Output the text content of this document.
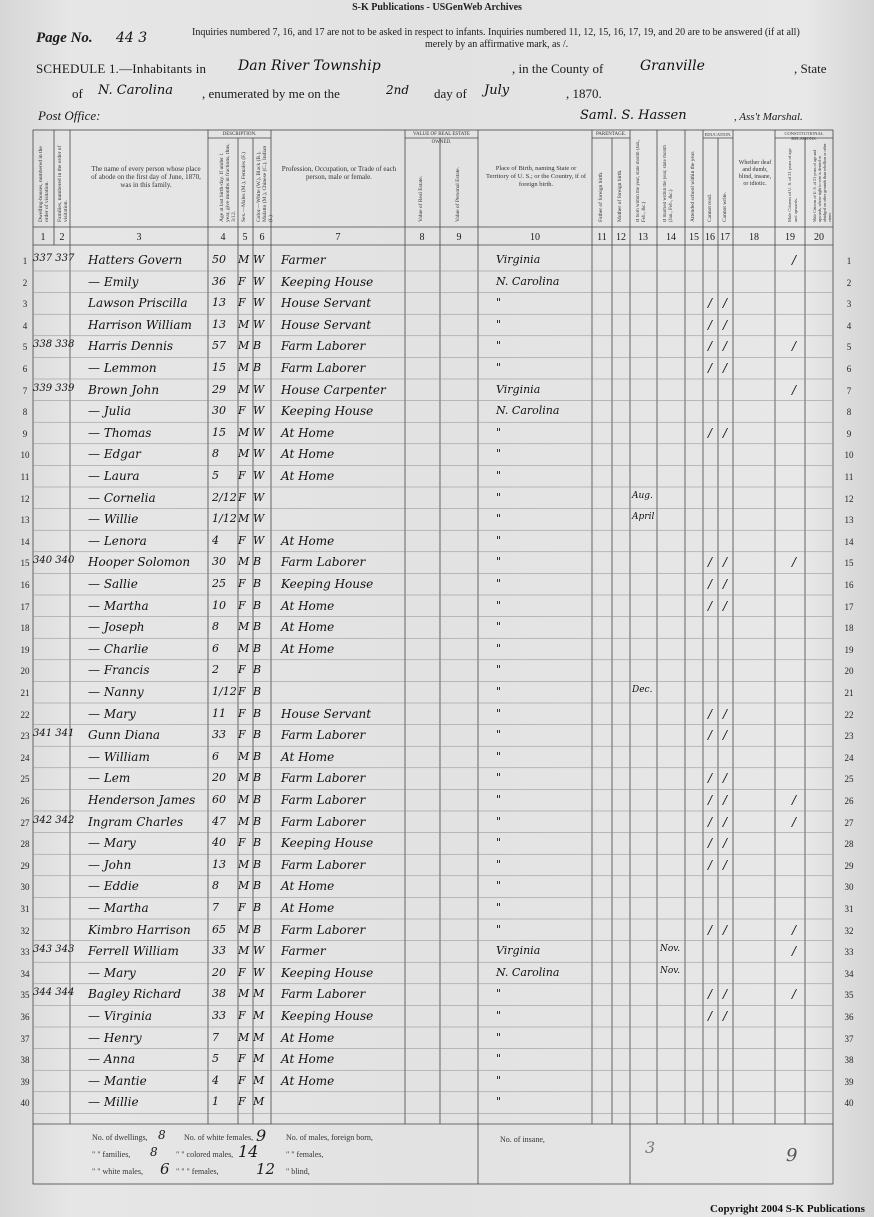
S-K Publications - USGenWeb Archives
Page No. 44 3	Inquiries numbered 7, 16, and 17 are not to be asked in respect to infants. Inquiries numbered 11, 12, 15, 16, 17, 19, and 20 are to be answered (if at all)
merely by an affirmative mark, as /.
SCHEDULE 1.—Inhabitants in Dan River Township	, in the County of	Granville	, State
of N. Carolina , enumerated by me on the	2nd day of July	, 1870.
Post Office:	Saml. S. Hassen	, Ass't Marshal.
Dwelling-houses, numbered in the order of visitation. Families, numbered in the order of visitation.
The name of every person whose place of abode on the first day of June, 1870, was in this family.
DESCRIPTION.
Age at last birth-day. If under 1 year, give months in fractions, thus, 3/12. Sex.—Males (M.), Females (F.) Color.—White (W.), Black (B.), Mulatto (M.), Chinese (C.), Indian (I.)
Profession, Occupation, or Trade of each person, male or female.
VALUE OF REAL ESTATE OWNED.
Value of Real Estate.	Value of Personal Estate.	Place of Birth, naming State or Territory of U. S.; or the Country, if of foreign birth.
PARENTAGE.
Father of foreign birth. Mother of foreign birth.	If born within the year, state month (Jan., Feb., &c.)	If married within the year, state month (Jan., Feb., &c.)	Attended school within the year.
EDUCATION.
Cannot read. Cannot write.
Whether deaf and dumb, blind, insane, or idiotic.
CONSTITUTIONAL RELATIONS.
Male Citizens of U. S. of 21 years of age and upwards.	Male Citizens of U. S. of 21 years of age and upwards, whose right to vote is denied or abridged on other grounds than rebellion or other crime.
1	2	3	4	5	6	7	8	9	10	11 12	13	14	15 16 17	18	19	20
1	1
337 337 Hatters Govern	50	M W	Farmer	Virginia	/
2	2
— Emily	36	F W	Keeping House	N. Carolina
3	3
Lawson Priscilla	13	F W	House Servant	"	/ /
4	4
Harrison William	13	M W	House Servant	"	/ /
5	5
338 338 Harris Dennis	57	M B	Farm Laborer	"	/ /	/
6	6
— Lemmon	15	M B	Farm Laborer	"	/ /
7	7
339 339 Brown John	29	M W	House Carpenter	Virginia	/
8	8
— Julia	30	F W	Keeping House	N. Carolina
9	9
— Thomas	15	M W	At Home	"	/ /
10	10
— Edgar	8	M W	At Home	"
11	11
— Laura	5	F W	At Home	"
12	12
— Cornelia	2/12 F W	"	Aug.
13	13
— Willie	1/12 M W	"	April
14	14
— Lenora	4	F W	At Home	"
15	15
340 340 Hooper Solomon	30	M B	Farm Laborer	"	/ /	/
16	16
— Sallie	25	F B	Keeping House	"	/ /
17	17
— Martha	10	F B	At Home	"	/ /
18	18
— Joseph	8	M B	At Home	"
19	19
— Charlie	6	M B	At Home	"
20	20
— Francis	2	F B	"
21	21
— Nanny	1/12 F B	"	Dec.
22	22
— Mary	11	F B	House Servant	"	/ /
23	23
341 341 Gunn Diana	33	F B	Farm Laborer	"	/ /
24	24
— William	6	M B	At Home	"
25	25
— Lem	20	M B	Farm Laborer	"	/ /
26	26
Henderson James	60	M B	Farm Laborer	"	/ /	/
27	27
342 342 Ingram Charles	47	M B	Farm Laborer	"	/ /	/
28	28
— Mary	40	F B	Keeping House	"	/ /
29	29
— John	13	M B	Farm Laborer	"	/ /
30	30
— Eddie	8	M B	At Home	"
31	31
— Martha	7	F B	At Home	"
32	32
Kimbro Harrison	65	M B	Farm Laborer	"	/ /	/
33	33
343 343 Ferrell William	33	M W	Farmer	Virginia	Nov.	/
34	34
— Mary	20	F W	Keeping House	N. Carolina	Nov.
35	35
344 344 Bagley Richard	38	M M	Farm Laborer	"	/ /	/
36	36
— Virginia	33	F M	Keeping House	"	/ /
37	37
— Henry	7	M M	At Home	"
38	38
— Anna	5	F M	At Home	"
39	39
— Mantie	4	F M	At Home	"
40	40
— Millie	1	F M	"
No. of dwellings, 8 No. of white females, 9 No. of males, foreign born,
" " families, 8 " " colored males, 14	" " females,
" " white males, 6 " " " females, 12 " blind,
No. of insane,	3	9
Copyright 2004 S-K Publications
